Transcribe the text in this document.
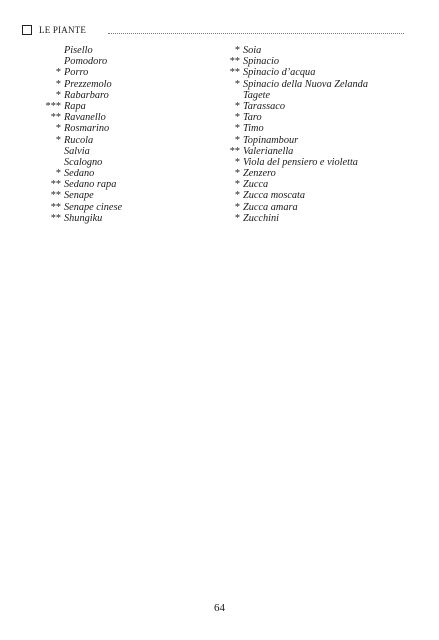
LE PIANTE
Pisello
Pomodoro
* Porro
* Prezzemolo
* Rabarbaro
*** Rapa
** Ravanello
* Rosmarino
* Rucola
Salvia
Scalogno
* Sedano
** Sedano rapa
** Senape
** Senape cinese
** Shungiku
* Soia
** Spinacio
** Spinacio d’acqua
* Spinacio della Nuova Zelanda
Tagete
* Tarassaco
* Taro
* Timo
* Topinambour
** Valerianella
* Viola del pensiero e violetta
* Zenzero
* Zucca
* Zucca moscata
* Zucca amara
* Zucchini
64
